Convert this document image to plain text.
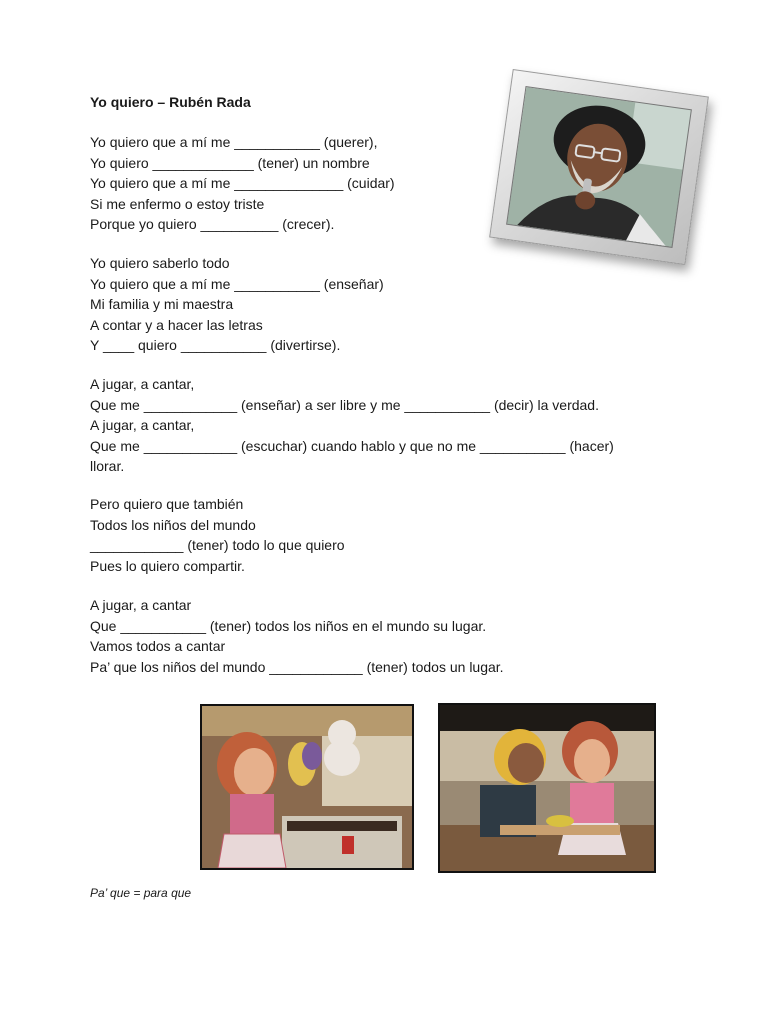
Yo quiero – Rubén Rada
Yo quiero que a mí me ___________ (querer),
Yo quiero _____________ (tener) un nombre
Yo quiero que a mí me ______________ (cuidar)
Si me enfermo o estoy triste
Porque yo quiero __________ (crecer).
Yo quiero saberlo todo
Yo quiero que a mí me ___________ (enseñar)
Mi familia y mi maestra
A contar y a hacer las letras
Y ____ quiero ___________ (divertirse).
A jugar, a cantar,
Que me ____________ (enseñar) a ser libre y me ___________ (decir) la verdad.
A jugar, a cantar,
Que me ____________ (escuchar) cuando hablo y que no me ___________ (hacer)
llorar.
Pero quiero que también
Todos los niños del mundo
____________ (tener) todo lo que quiero
Pues lo quiero compartir.
A jugar, a cantar
Que ___________ (tener) todos los niños en el mundo su lugar.
Vamos todos a cantar
Pa’ que los niños del mundo ____________ (tener) todos un lugar.
Pa’ que = para que
